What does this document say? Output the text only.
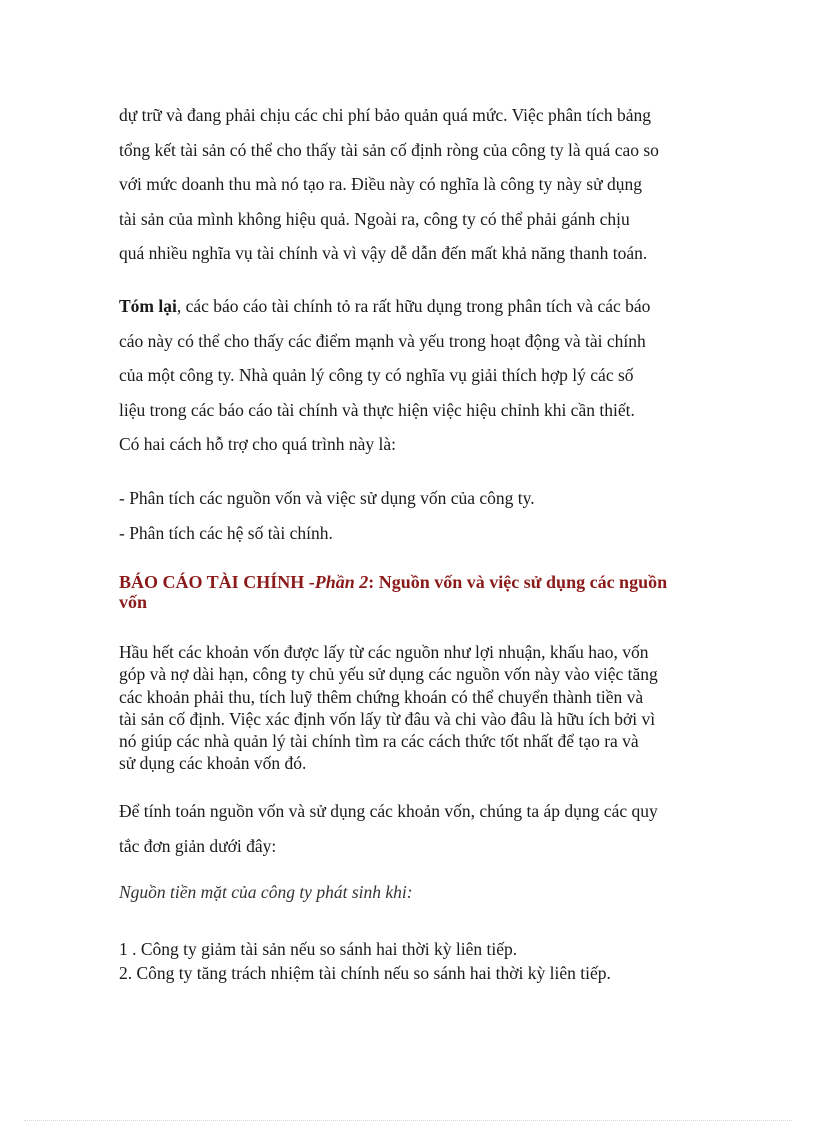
dự trữ và đang phải chịu các chi phí bảo quản quá mức. Việc phân tích bảng
tổng kết tài sản có thể cho thấy tài sản cố định ròng của công ty là quá cao so
với mức doanh thu mà nó tạo ra. Điều này có nghĩa là công ty này sử dụng
tài sản của mình không hiệu quả. Ngoài ra, công ty có thể phải gánh chịu
quá nhiều nghĩa vụ tài chính và vì vậy dễ dẫn đến mất khả năng thanh toán.
Tóm lại, các báo cáo tài chính tỏ ra rất hữu dụng trong phân tích và các báo
cáo này có thể cho thấy các điểm mạnh và yếu trong hoạt động và tài chính
của một công ty. Nhà quản lý công ty có nghĩa vụ giải thích hợp lý các số
liệu trong các báo cáo tài chính và thực hiện việc hiệu chỉnh khi cần thiết.
Có hai cách hỗ trợ cho quá trình này là:
- Phân tích các nguồn vốn và việc sử dụng vốn của công ty.
- Phân tích các hệ số tài chính.
BÁO CÁO TÀI CHÍNH -Phần 2: Nguồn vốn và việc sử dụng các nguồn
vốn
Hầu hết các khoản vốn được lấy từ các nguồn như lợi nhuận, khấu hao, vốn
góp và nợ dài hạn, công ty chủ yếu sử dụng các nguồn vốn này vào việc tăng
các khoản phải thu, tích luỹ thêm chứng khoán có thể chuyển thành tiền và
tài sản cố định. Việc xác định vốn lấy từ đâu và chi vào đâu là hữu ích bởi vì
nó giúp các nhà quản lý tài chính tìm ra các cách thức tốt nhất để tạo ra và
sử dụng các khoản vốn đó.
Để tính toán nguồn vốn và sử dụng các khoản vốn, chúng ta áp dụng các quy
tắc đơn giản dưới đây:
Nguồn tiền mặt của công ty phát sinh khi:
1 . Công ty giảm tài sản nếu so sánh hai thời kỳ liên tiếp.
2. Công ty tăng trách nhiệm tài chính nếu so sánh hai thời kỳ liên tiếp.
